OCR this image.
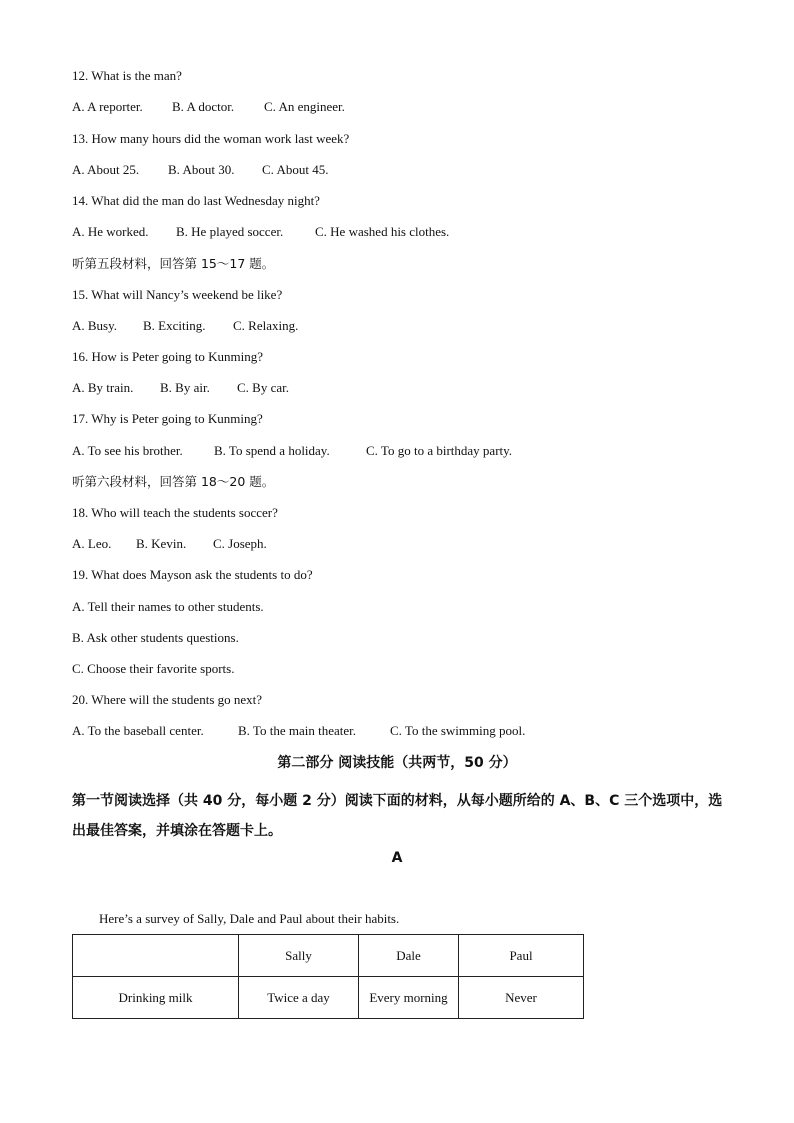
12. What is the man?
A. A reporter. B. A doctor. C. An engineer.
13. How many hours did the woman work last week?
A. About 25. B. About 30. C. About 45.
14. What did the man do last Wednesday night?
A. He worked. B. He played soccer. C. He washed his clothes.
听第五段材料，回答第 15～17 题。
15. What will Nancy’s weekend be like?
A. Busy. B. Exciting. C. Relaxing.
16. How is Peter going to Kunming?
A. By train. B. By air. C. By car.
17. Why is Peter going to Kunming?
A. To see his brother. B. To spend a holiday.	C. To go to a birthday party.
听第六段材料，回答第 18～20 题。
18. Who will teach the students soccer?
A. Leo. B. Kevin. C. Joseph.
19. What does Mayson ask the students to do?
A. Tell their names to other students.
B. Ask other students questions.
C. Choose their favorite sports.
20. Where will the students go next?
A. To the baseball center.	B. To the main theater.	C. To the swimming pool.
第二部分 阅读技能（共两节，50 分）
第一节阅读选择（共 40 分，每小题 2 分）阅读下面的材料，从每小题所给的 A、B、C 三个选项中，选出最佳答案，并填涂在答题卡上。
A
Here’s a survey of Sally, Dale and Paul about their habits.
	Sally	Dale	Paul
Drinking milk	Twice a day	Every morning	Never
